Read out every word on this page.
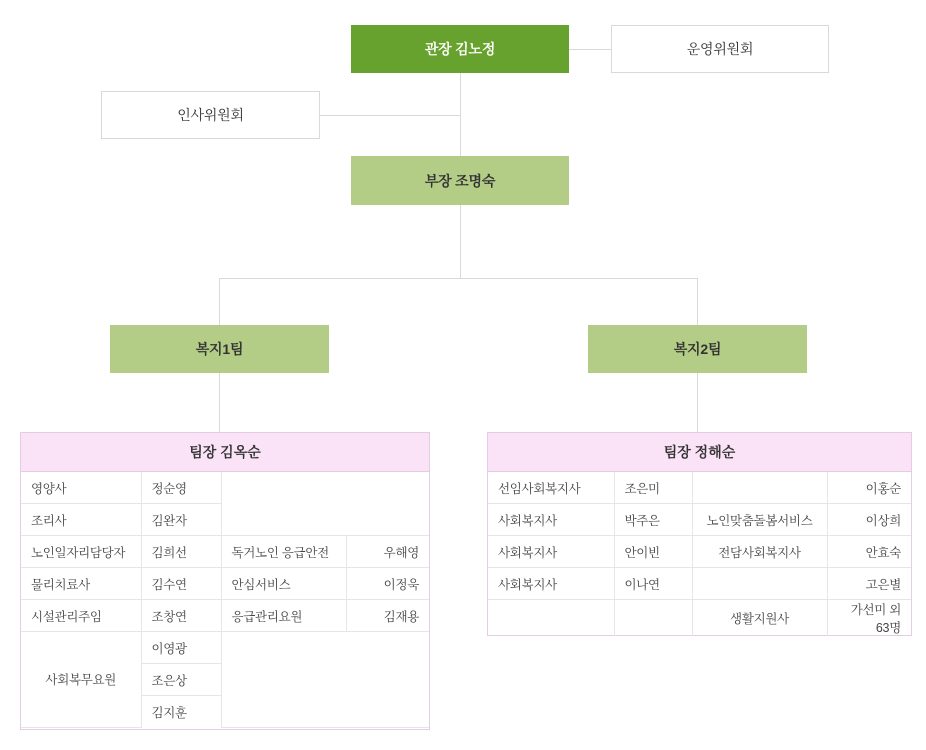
관장 김노정	운영위원회
인사위원회
부장 조명숙
복지1팀	복지2팀
팀장 김옥순
영양사	정순영		
조리사	김완자		
노인일자리담당자	김희선	독거노인 응급안전	우해영
물리치료사	김수연	안심서비스	이정욱
시설관리주임	조창연	응급관리요원	김재용
사회복무요원	이영광		
	조은상		
	김지훈		
팀장 정해순
선임사회복지사	조은미		이홍순
사회복지사	박주은	노인맞춤돌봄서비스	이상희
사회복지사	안이빈	전담사회복지사	안효숙
사회복지사	이나연		고은별
		생활지원사	가선미 외 63명
